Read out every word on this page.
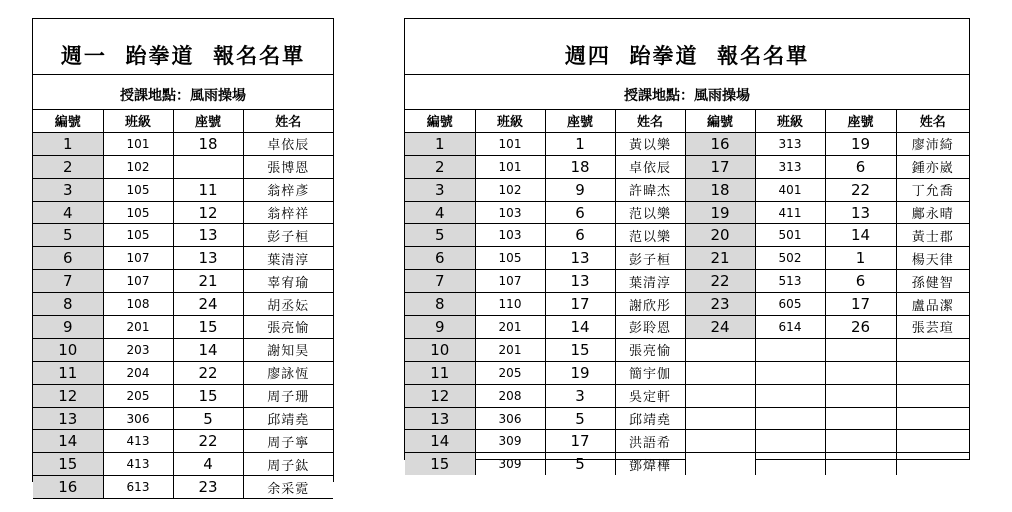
週一  跆拳道  報名名單
授課地點：風雨操場
編號	班級	座號	姓名
1	101	18	卓依辰
2	102		張博恩
3	105	11	翁梓彥
4	105	12	翁梓祥
5	105	13	彭子桓
6	107	13	葉清淳
7	107	21	辜宥瑜
8	108	24	胡丞妘
9	201	15	張亮愉
10	203	14	謝知昊
11	204	22	廖詠恆
12	205	15	周子珊
13	306	5	邱靖堯
14	413	22	周子寧
15	413	4	周子鈦
16	613	23	余采霓
週四  跆拳道  報名名單
授課地點：風雨操場
編號	班級	座號	姓名	編號	班級	座號	姓名
1	101	1	黃以樂	16	313	19	廖沛綺
2	101	18	卓依辰	17	313	6	鍾亦崴
3	102	9	許暐杰	18	401	22	丁允喬
4	103	6	范以樂	19	411	13	鄺永晴
5	103	6	范以樂	20	501	14	黃士郡
6	105	13	彭子桓	21	502	1	楊天律
7	107	13	葉清淳	22	513	6	孫健智
8	110	17	謝欣彤	23	605	17	盧品潔
9	201	14	彭聆恩	24	614	26	張芸瑄
10	201	15	張亮愉				
11	205	19	簡宇伽				
12	208	3	吳定軒				
13	306	5	邱靖堯				
14	309	17	洪語希				
15	309	5	鄧煒樺				
